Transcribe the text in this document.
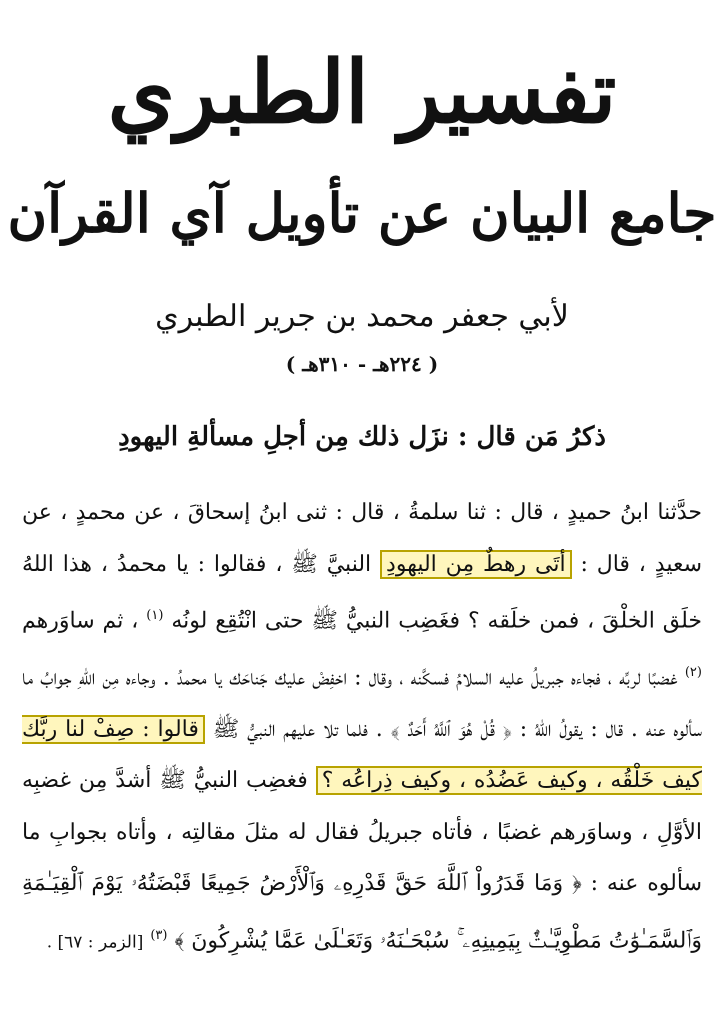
تفسير الطبري
جامع البيان عن تأويل آي القرآن
لأبي جعفر محمد بن جرير الطبري
( ٢٢٤هـ - ٣١٠هـ )
ذكرُ مَن قال : نزَل ذلك مِن أجلِ مسألةِ اليهودِ
حدَّثنا ابنُ حميدٍ ، قال : ثنا سلمةُ ، قال : ثنى ابنُ إسحاقَ ، عن محمدٍ ، عن سعيدٍ ، قال : أتَى رهطٌ مِن اليهودِ النبيَّ ﷺ ، فقالوا : يا محمدُ ، هذا اللهُ خلَق الخلْقَ ، فمن خلَقه ؟ فغَضِب النبيُّ ﷺ حتى انْتُقِع لونُه $^{(١)}$ ، ثم ساوَرهم $^{(٢)}$ غضبًا لربِّه ، فجاءه جبريلُ عليه السلامُ فسكَّنه ، وقال : اخفِضْ عليك جَناحَك يا محمدُ . وجاءه مِن اللهِ جوابُ ما سألوه عنه . قال : يقولُ اللهُ : ﴿ قُلْ هُوَ ٱللَّهُ أَحَدٌ ﴾ . فلما تلا عليهم النبيُّ ﷺ قالوا : صِفْ لنا ربَّك كيف خَلْقُه ، وكيف عَضُدُه ، وكيف ذِراعُه ؟ فغضِب النبيُّ ﷺ أشدَّ مِن غضبِه الأوَّلِ ، وساوَرهم غضبًا ، فأتاه جبريلُ فقال له مثلَ مقالتِه ، وأتاه بجوابِ ما سألوه عنه : ﴿ وَمَا قَدَرُواْ ٱللَّهَ حَقَّ قَدْرِهِۦ وَٱلْأَرْضُ جَمِيعًا قَبْضَتُهُۥ يَوْمَ ٱلْقِيَـٰمَةِ وَٱلسَّمَـٰوَٰتُ مَطْوِيَّـٰتٌۢ بِيَمِينِهِۦ ۚ سُبْحَـٰنَهُۥ وَتَعَـٰلَىٰ عَمَّا يُشْرِكُونَ ﴾ $^{(٣)}$ [الزمر : ٦٧] .
